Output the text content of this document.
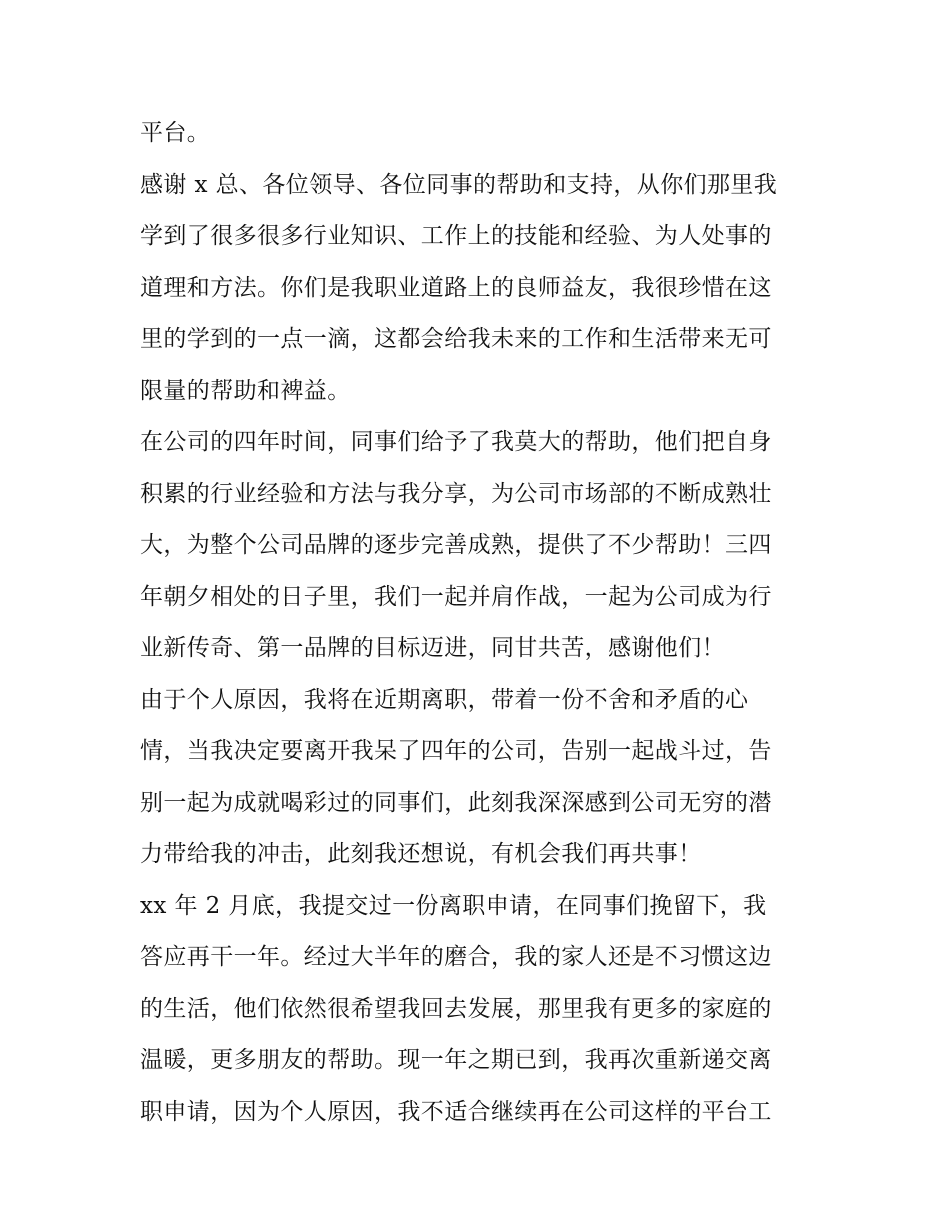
平台。
感谢 x 总、各位领导、各位同事的帮助和支持，从你们那里我
学到了很多很多行业知识、工作上的技能和经验、为人处事的
道理和方法。你们是我职业道路上的良师益友，我很珍惜在这
里的学到的一点一滴，这都会给我未来的工作和生活带来无可
限量的帮助和裨益。
在公司的四年时间，同事们给予了我莫大的帮助，他们把自身
积累的行业经验和方法与我分享，为公司市场部的不断成熟壮
大，为整个公司品牌的逐步完善成熟，提供了不少帮助！三四
年朝夕相处的日子里，我们一起并肩作战，一起为公司成为行
业新传奇、第一品牌的目标迈进，同甘共苦，感谢他们！
由于个人原因，我将在近期离职，带着一份不舍和矛盾的心
情，当我决定要离开我呆了四年的公司，告别一起战斗过，告
别一起为成就喝彩过的同事们，此刻我深深感到公司无穷的潜
力带给我的冲击，此刻我还想说，有机会我们再共事！
xx 年 2 月底，我提交过一份离职申请，在同事们挽留下，我
答应再干一年。经过大半年的磨合，我的家人还是不习惯这边
的生活，他们依然很希望我回去发展，那里我有更多的家庭的
温暖，更多朋友的帮助。现一年之期已到，我再次重新递交离
职申请，因为个人原因，我不适合继续再在公司这样的平台工
